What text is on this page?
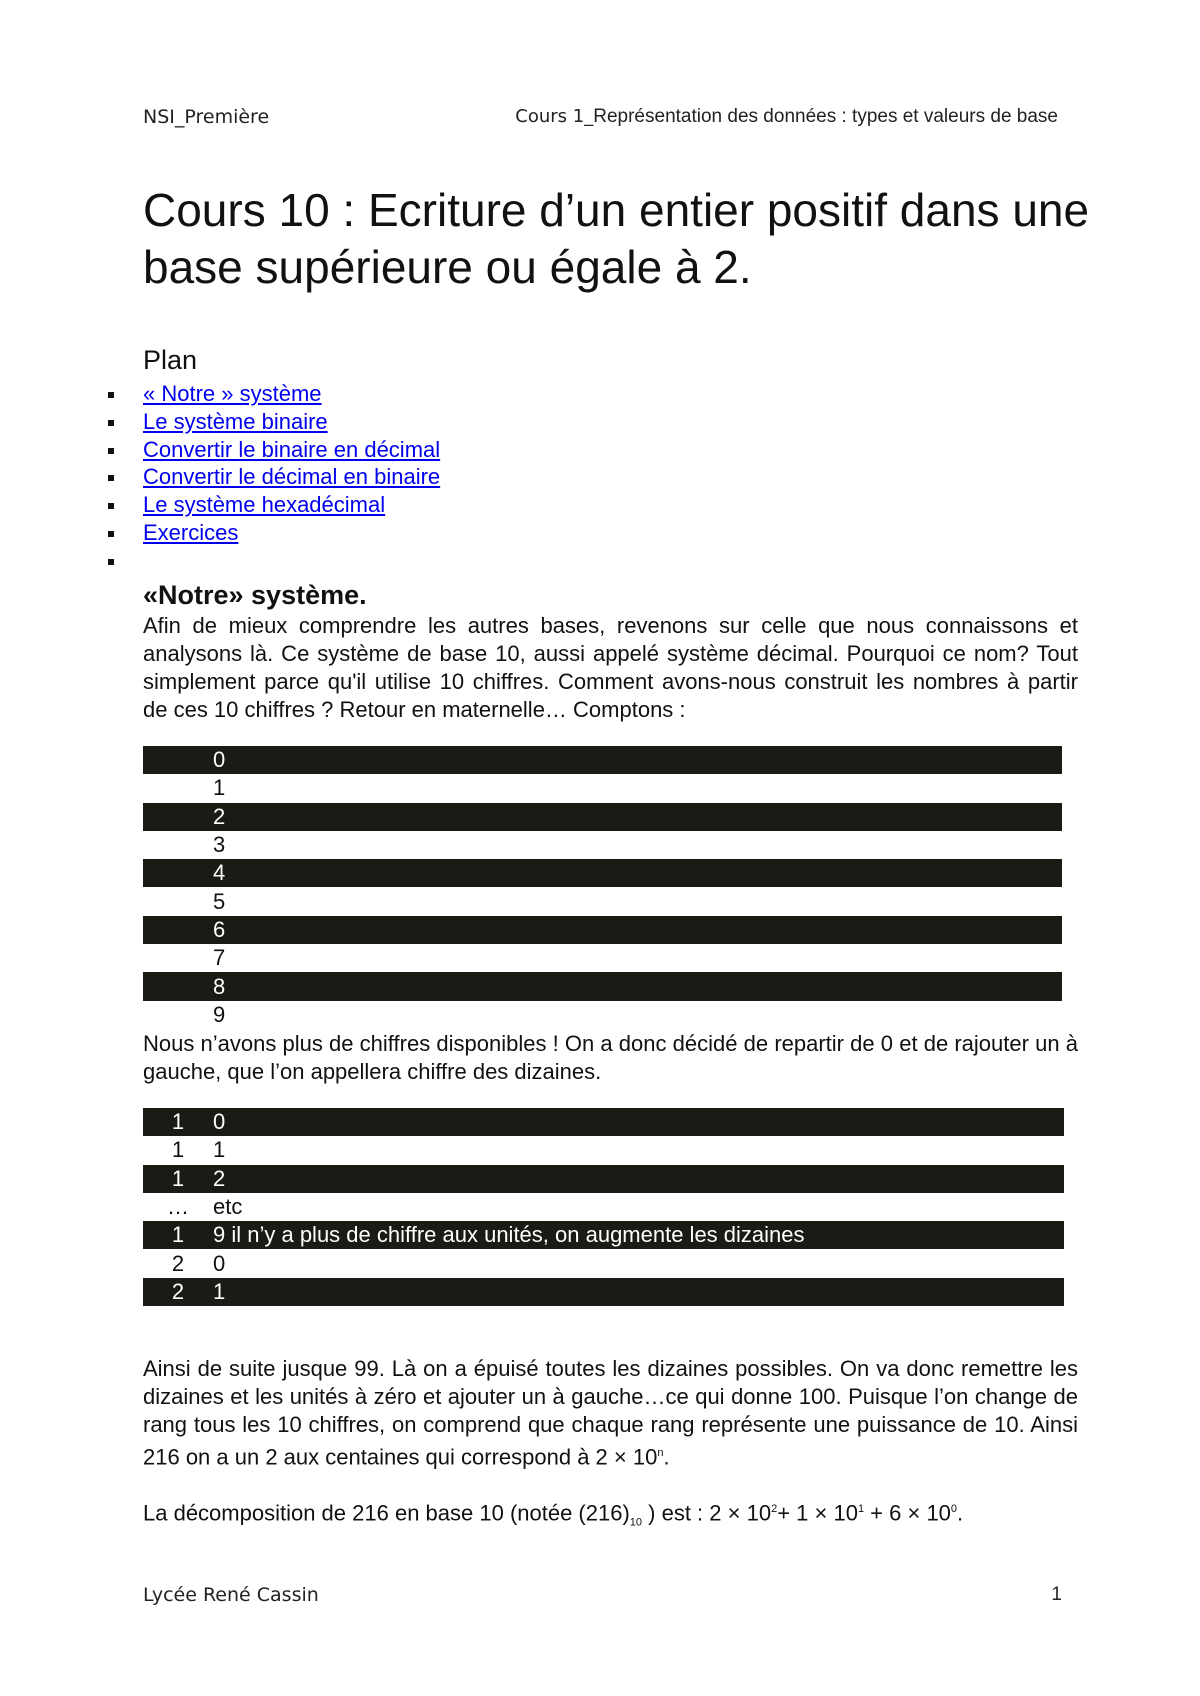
NSI_Première	Cours 1_Représentation des données : types et valeurs de base
Cours 10 : Ecriture d’un entier positif dans une base supérieure ou égale à 2.
Plan
« Notre » système
Le système binaire
Convertir le binaire en décimal
Convertir le décimal en binaire
Le système hexadécimal
Exercices
«Notre» système.

Afin de mieux comprendre les autres bases, revenons sur celle que nous connaissons et analysons là. Ce système de base 10, aussi appelé système décimal. Pourquoi ce nom? Tout simplement parce qu'il utilise 10 chiffres. Comment avons-nous construit les nombres à partir de ces 10 chiffres ? Retour en maternelle… Comptons :

	0
	1
	2
	3
	4
	5
	6
	7
	8
	9

Nous n’avons plus de chiffres disponibles ! On a donc décidé de repartir de 0 et de rajouter un à gauche, que l’on appellera chiffre des dizaines.

1	0
1	1
1	2
…	etc
1	9 il n’y a plus de chiffre aux unités, on augmente les dizaines
2	0
2	1

Ainsi de suite jusque 99. Là on a épuisé toutes les dizaines possibles. On va donc remettre les dizaines et les unités à zéro et ajouter un à gauche…ce qui donne 100. Puisque l’on change de rang tous les 10 chiffres, on comprend que chaque rang représente une puissance de 10. Ainsi 216 on a un 2 aux centaines qui correspond à $2 \times 10^n$.

La décomposition de 216 en base 10 (notée $(216)_{10}$ ) est : $2 \times 10^2+ 1 \times 10^1 + 6 \times 10^0$.

Lycée René Cassin	1
